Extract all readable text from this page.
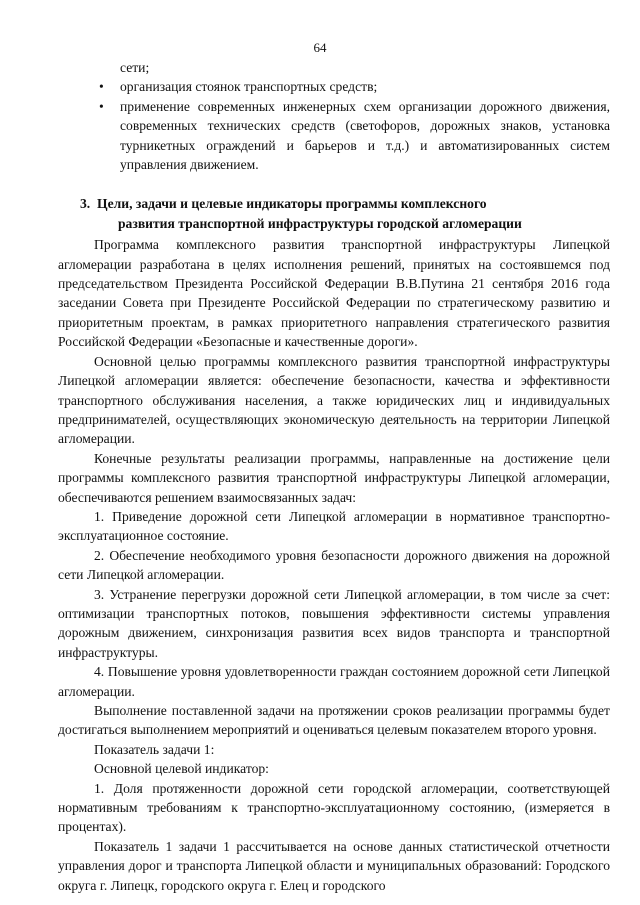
64

сети;

• организация стоянок транспортных средств;

• применение современных инженерных схем организации дорожного движения, современных технических средств (светофоров, дорожных знаков, установка турникетных ограждений и барьеров и т.д.) и автоматизированных систем управления движением.

3. Цели, задачи и целевые индикаторы программы комплексного
развития транспортной инфраструктуры городской агломерации

Программа комплексного развития транспортной инфраструктуры Липецкой агломерации разработана в целях исполнения решений, принятых на состоявшемся под председательством Президента Российской Федерации В.В.Путина 21 сентября 2016 года заседании Совета при Президенте Российской Федерации по стратегическому развитию и приоритетным проектам, в рамках приоритетного направления стратегического развития Российской Федерации «Безопасные и качественные дороги».

Основной целью программы комплексного развития транспортной инфраструктуры Липецкой агломерации является: обеспечение безопасности, качества и эффективности транспортного обслуживания населения, а также юридических лиц и индивидуальных предпринимателей, осуществляющих экономическую деятельность на территории Липецкой агломерации.

Конечные результаты реализации программы, направленные на достижение цели программы комплексного развития транспортной инфраструктуры Липецкой агломерации, обеспечиваются решением взаимосвязанных задач:

1. Приведение дорожной сети Липецкой агломерации в нормативное транспортно-эксплуатационное состояние.

2. Обеспечение необходимого уровня безопасности дорожного движения на дорожной сети Липецкой агломерации.

3. Устранение перегрузки дорожной сети Липецкой агломерации, в том числе за счет: оптимизации транспортных потоков, повышения эффективности системы управления дорожным движением, синхронизация развития всех видов транспорта и транспортной инфраструктуры.

4. Повышение уровня удовлетворенности граждан состоянием дорожной сети Липецкой агломерации.

Выполнение поставленной задачи на протяжении сроков реализации программы будет достигаться выполнением мероприятий и оцениваться целевым показателем второго уровня.

Показатель задачи 1:

Основной целевой индикатор:

1. Доля протяженности дорожной сети городской агломерации, соответствующей нормативным требованиям к транспортно-эксплуатационному состоянию, (измеряется в процентах).

Показатель 1 задачи 1 рассчитывается на основе данных статистической отчетности управления дорог и транспорта Липецкой области и муниципальных образований: Городского округа г. Липецк, городского округа г. Елец и городского
